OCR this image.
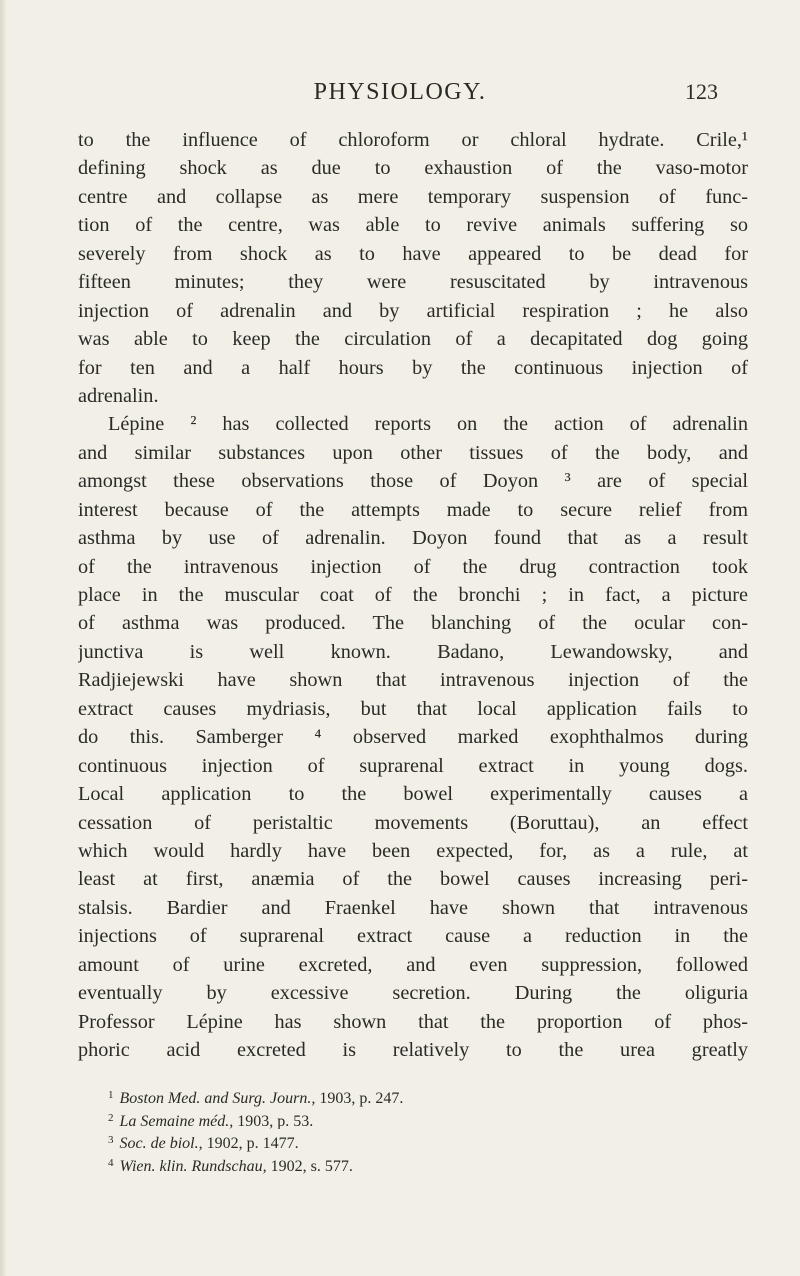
PHYSIOLOGY.	123
to the influence of chloroform or chloral hydrate. Crile,¹
defining shock as due to exhaustion of the vaso-motor
centre and collapse as mere temporary suspension of func-
tion of the centre, was able to revive animals suffering so
severely from shock as to have appeared to be dead for
fifteen minutes; they were resuscitated by intravenous
injection of adrenalin and by artificial respiration ; he also
was able to keep the circulation of a decapitated dog going
for ten and a half hours by the continuous injection of
adrenalin.
Lépine ² has collected reports on the action of adrenalin
and similar substances upon other tissues of the body, and
amongst these observations those of Doyon ³ are of special
interest because of the attempts made to secure relief from
asthma by use of adrenalin. Doyon found that as a result
of the intravenous injection of the drug contraction took
place in the muscular coat of the bronchi ; in fact, a picture
of asthma was produced. The blanching of the ocular con-
junctiva is well known. Badano, Lewandowsky, and
Radjiejewski have shown that intravenous injection of the
extract causes mydriasis, but that local application fails to
do this. Samberger ⁴ observed marked exophthalmos during
continuous injection of suprarenal extract in young dogs.
Local application to the bowel experimentally causes a
cessation of peristaltic movements (Boruttau), an effect
which would hardly have been expected, for, as a rule, at
least at first, anæmia of the bowel causes increasing peri-
stalsis. Bardier and Fraenkel have shown that intravenous
injections of suprarenal extract cause a reduction in the
amount of urine excreted, and even suppression, followed
eventually by excessive secretion. During the oliguria
Professor Lépine has shown that the proportion of phos-
phoric acid excreted is relatively to the urea greatly
$^1$ Boston Med. and Surg. Journ., 1903, p. 247.
$^2$ La Semaine méd., 1903, p. 53.
$^3$ Soc. de biol., 1902, p. 1477.
$^4$ Wien. klin. Rundschau, 1902, s. 577.
